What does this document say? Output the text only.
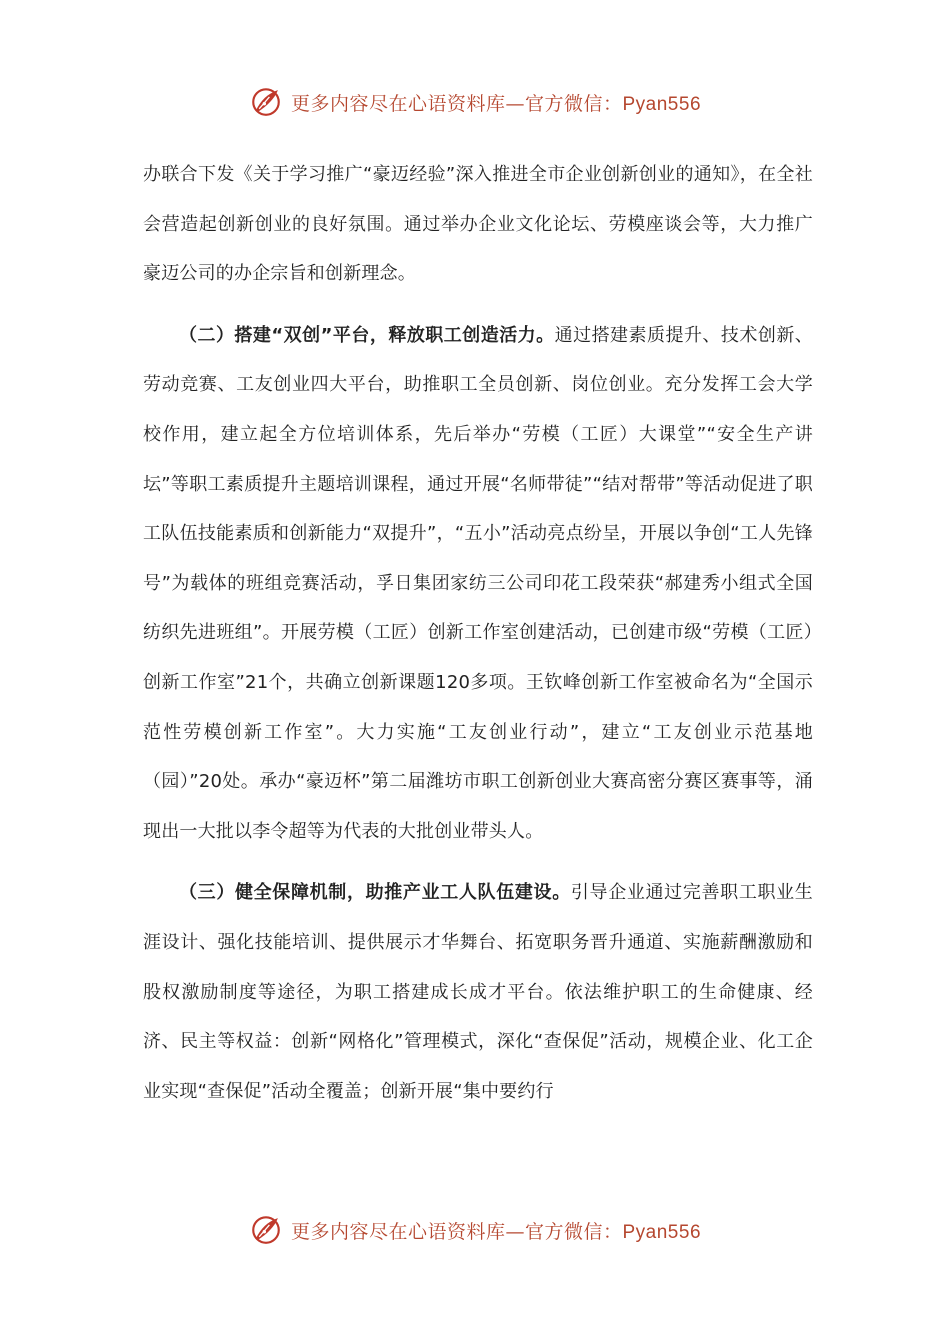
更多内容尽在心语资料库—官方微信：Pyan556

办联合下发《关于学习推广“豪迈经验”深入推进全市企业创新创业的通知》，在全社会营造起创新创业的良好氛围。通过举办企业文化论坛、劳模座谈会等，大力推广豪迈公司的办企宗旨和创新理念。

（二）搭建“双创”平台，释放职工创造活力。通过搭建素质提升、技术创新、劳动竞赛、工友创业四大平台，助推职工全员创新、岗位创业。充分发挥工会大学校作用，建立起全方位培训体系，先后举办“劳模（工匠）大课堂”“安全生产讲坛”等职工素质提升主题培训课程，通过开展“名师带徒”“结对帮带”等活动促进了职工队伍技能素质和创新能力“双提升”，“五小”活动亮点纷呈，开展以争创“工人先锋号”为载体的班组竞赛活动，孚日集团家纺三公司印花工段荣获“郝建秀小组式全国纺织先进班组”。开展劳模（工匠）创新工作室创建活动，已创建市级“劳模（工匠）创新工作室”21个，共确立创新课题120多项。王钦峰创新工作室被命名为“全国示范性劳模创新工作室”。大力实施“工友创业行动”，建立“工友创业示范基地（园）”20处。承办“豪迈杯”第二届潍坊市职工创新创业大赛高密分赛区赛事等，涌现出一大批以李令超等为代表的大批创业带头人。

（三）健全保障机制，助推产业工人队伍建设。引导企业通过完善职工职业生涯设计、强化技能培训、提供展示才华舞台、拓宽职务晋升通道、实施薪酬激励和股权激励制度等途径，为职工搭建成长成才平台。依法维护职工的生命健康、经济、民主等权益：创新“网格化”管理模式，深化“查保促”活动，规模企业、化工企业实现“查保促”活动全覆盖；创新开展“集中要约行

更多内容尽在心语资料库—官方微信：Pyan556
